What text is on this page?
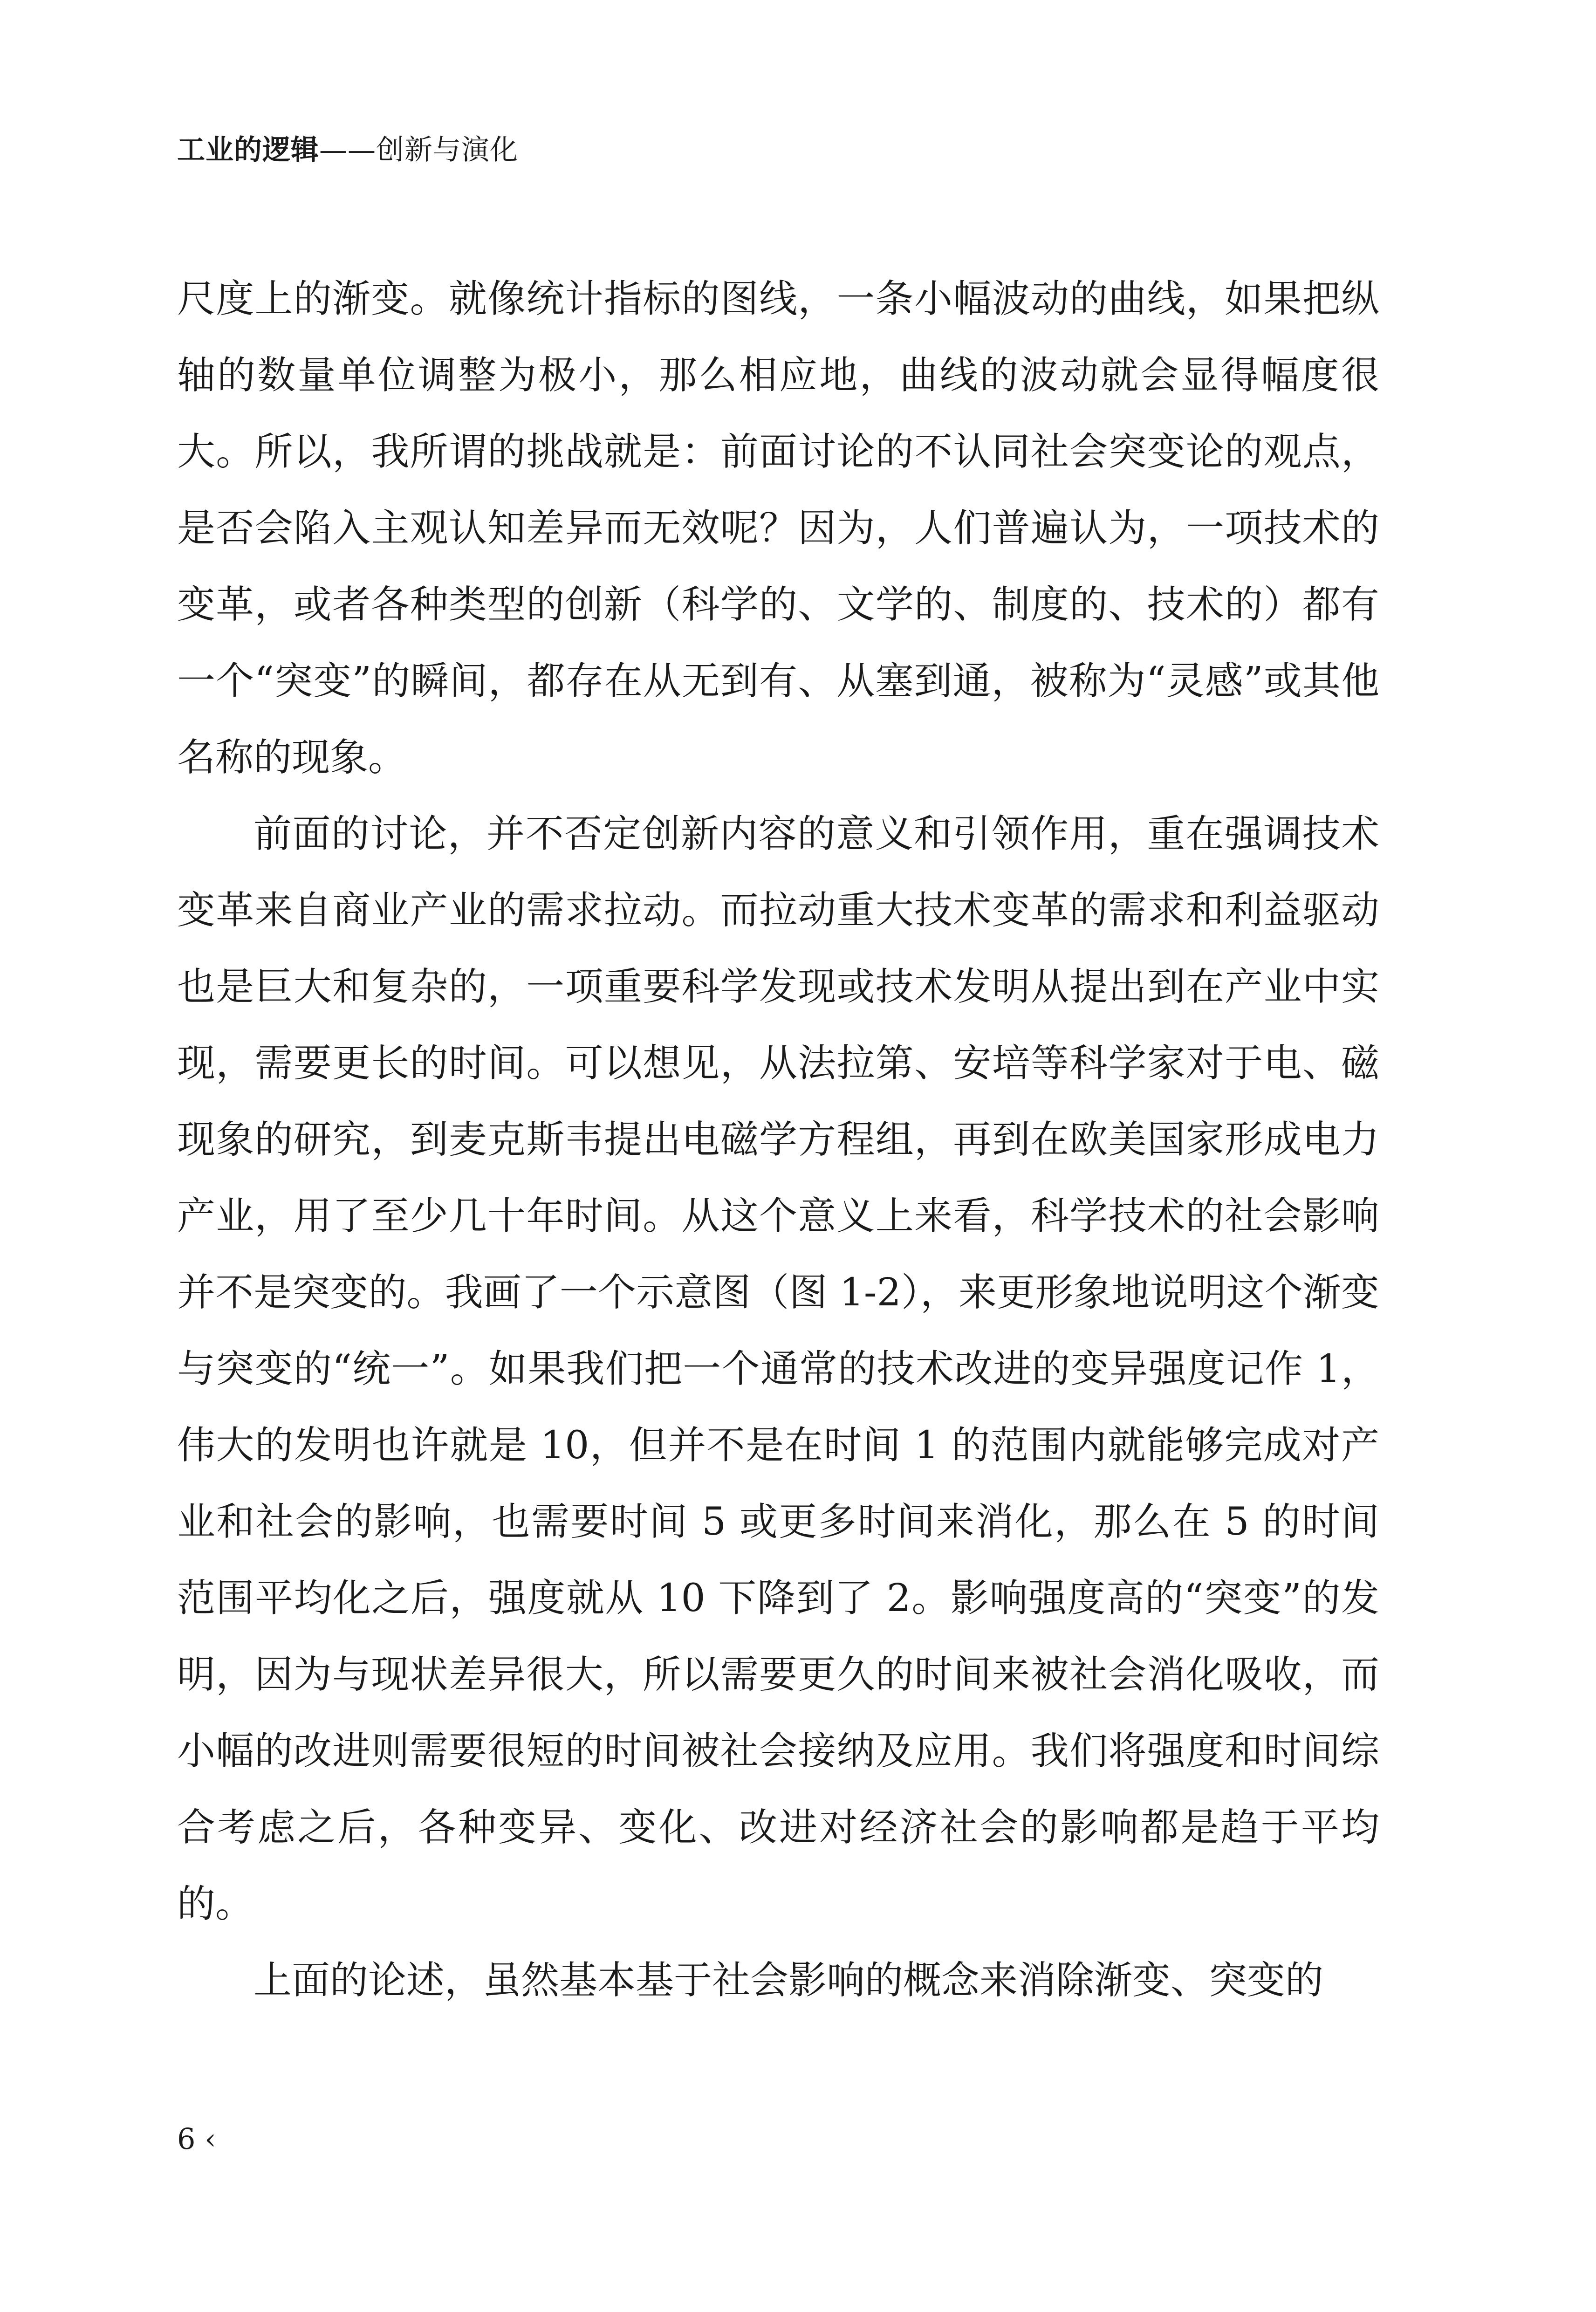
工业的逻辑——创新与演化

尺度上的渐变。就像统计指标的图线，一条小幅波动的曲线，如果把纵轴的数量单位调整为极小，那么相应地，曲线的波动就会显得幅度很大。所以，我所谓的挑战就是：前面讨论的不认同社会突变论的观点，是否会陷入主观认知差异而无效呢？因为，人们普遍认为，一项技术的变革，或者各种类型的创新（科学的、文学的、制度的、技术的）都有一个“突变”的瞬间，都存在从无到有、从塞到通，被称为“灵感”或其他名称的现象。

前面的讨论，并不否定创新内容的意义和引领作用，重在强调技术变革来自商业产业的需求拉动。而拉动重大技术变革的需求和利益驱动也是巨大和复杂的，一项重要科学发现或技术发明从提出到在产业中实现，需要更长的时间。可以想见，从法拉第、安培等科学家对于电、磁现象的研究，到麦克斯韦提出电磁学方程组，再到在欧美国家形成电力产业，用了至少几十年时间。从这个意义上来看，科学技术的社会影响并不是突变的。我画了一个示意图（图 1-2），来更形象地说明这个渐变与突变的“统一”。如果我们把一个通常的技术改进的变异强度记作 1，伟大的发明也许就是 10，但并不是在时间 1 的范围内就能够完成对产业和社会的影响，也需要时间 5 或更多时间来消化，那么在 5 的时间范围平均化之后，强度就从 10 下降到了 2。影响强度高的“突变”的发明，因为与现状差异很大，所以需要更久的时间来被社会消化吸收，而小幅的改进则需要很短的时间被社会接纳及应用。我们将强度和时间综合考虑之后，各种变异、变化、改进对经济社会的影响都是趋于平均的。

上面的论述，虽然基本基于社会影响的概念来消除渐变、突变的

6 ‹
